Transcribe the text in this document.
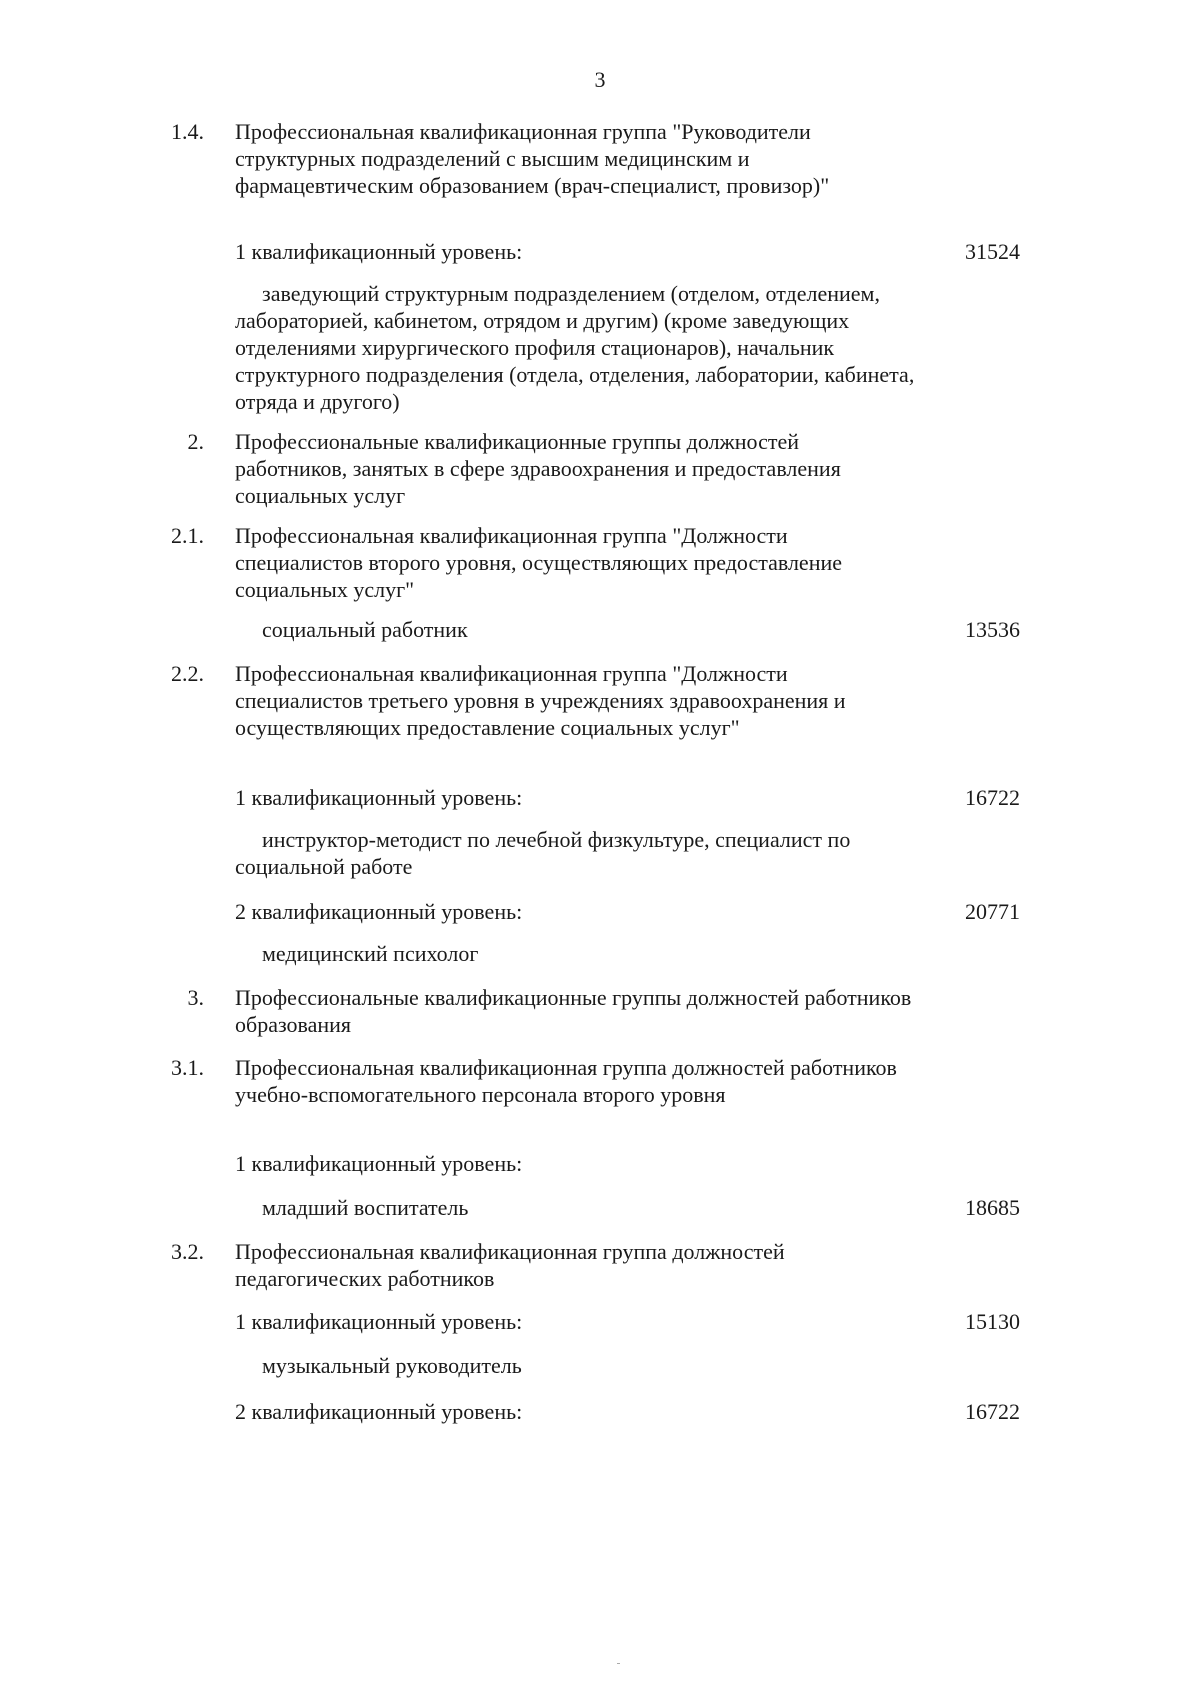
3
1.4. Профессиональная квалификационная группа "Руководители структурных подразделений с высшим медицинским и фармацевтическим образованием (врач-специалист, провизор)"
1 квалификационный уровень:	31524
заведующий структурным подразделением (отделом, отделением, лабораторией, кабинетом, отрядом и другим) (кроме заведующих отделениями хирургического профиля стационаров), начальник структурного подразделения (отдела, отделения, лаборатории, кабинета, отряда и другого)
2. Профессиональные квалификационные группы должностей работников, занятых в сфере здравоохранения и предоставления социальных услуг
2.1. Профессиональная квалификационная группа "Должности специалистов второго уровня, осуществляющих предоставление социальных услуг"
социальный работник	13536
2.2. Профессиональная квалификационная группа "Должности специалистов третьего уровня в учреждениях здравоохранения и осуществляющих предоставление социальных услуг"
1 квалификационный уровень:	16722
инструктор-методист по лечебной физкультуре, специалист по социальной работе
2 квалификационный уровень:	20771
медицинский психолог
3. Профессиональные квалификационные группы должностей работников образования
3.1. Профессиональная квалификационная группа должностей работников учебно-вспомогательного персонала второго уровня
1 квалификационный уровень:
младший воспитатель	18685
3.2. Профессиональная квалификационная группа должностей педагогических работников
1 квалификационный уровень:	15130
музыкальный руководитель
2 квалификационный уровень:	16722
